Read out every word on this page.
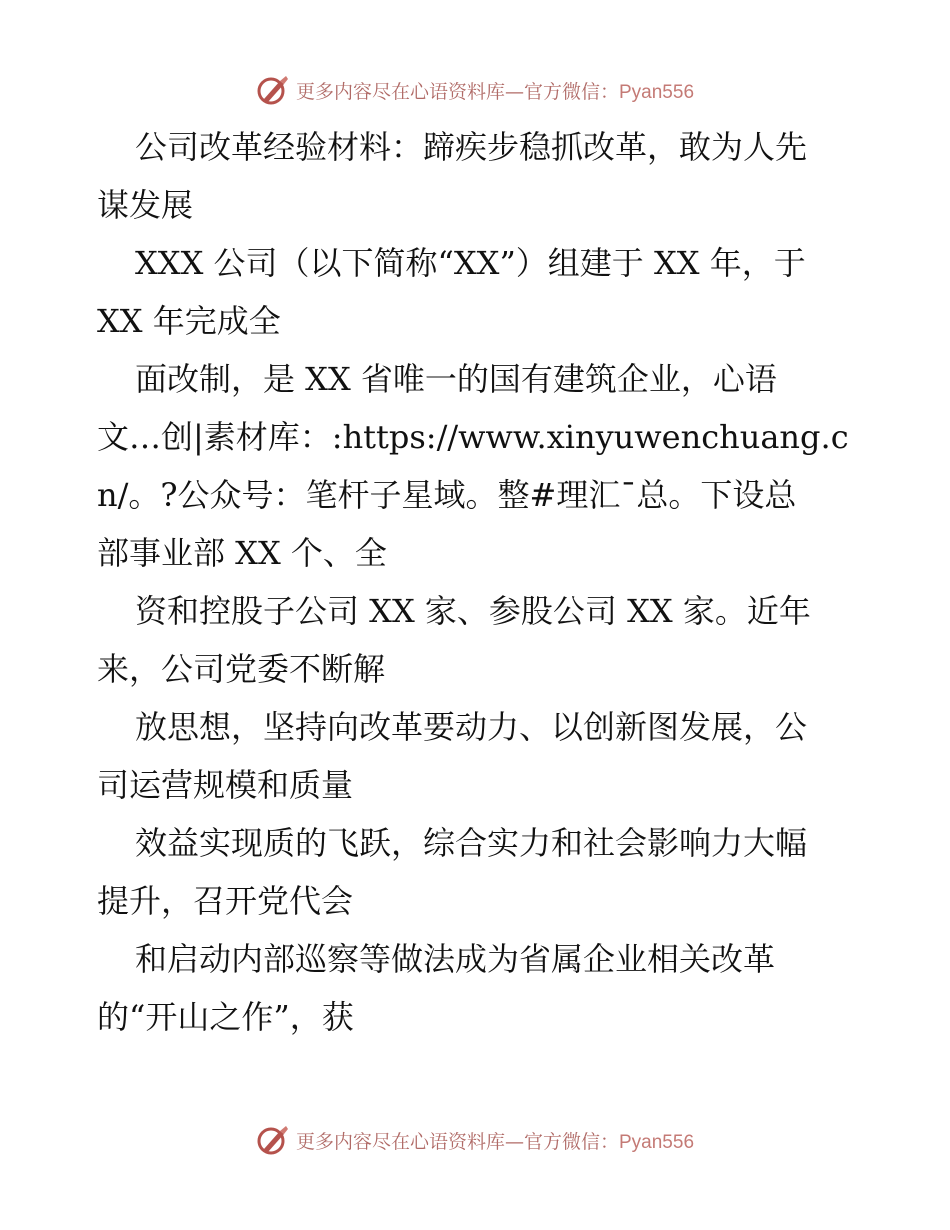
更多内容尽在心语资料库—官方微信：Pyan556
公司改革经验材料：蹄疾步稳抓改革，敢为人先
谋发展
XXX 公司（以下简称“XX”）组建于 XX 年，于
XX 年完成全
面改制，是 XX 省唯一的国有建筑企业，心语
文…创|素材库：:https://www.xinyuwenchuang.c
n/。?公众号：笔杆子星域。整#理汇¯总。下设总
部事业部 XX 个、全
资和控股子公司 XX 家、参股公司 XX 家。近年
来，公司党委不断解
放思想，坚持向改革要动力、以创新图发展，公
司运营规模和质量
效益实现质的飞跃，综合实力和社会影响力大幅
提升，召开党代会
和启动内部巡察等做法成为省属企业相关改革
的“开山之作”，获
更多内容尽在心语资料库—官方微信：Pyan556
